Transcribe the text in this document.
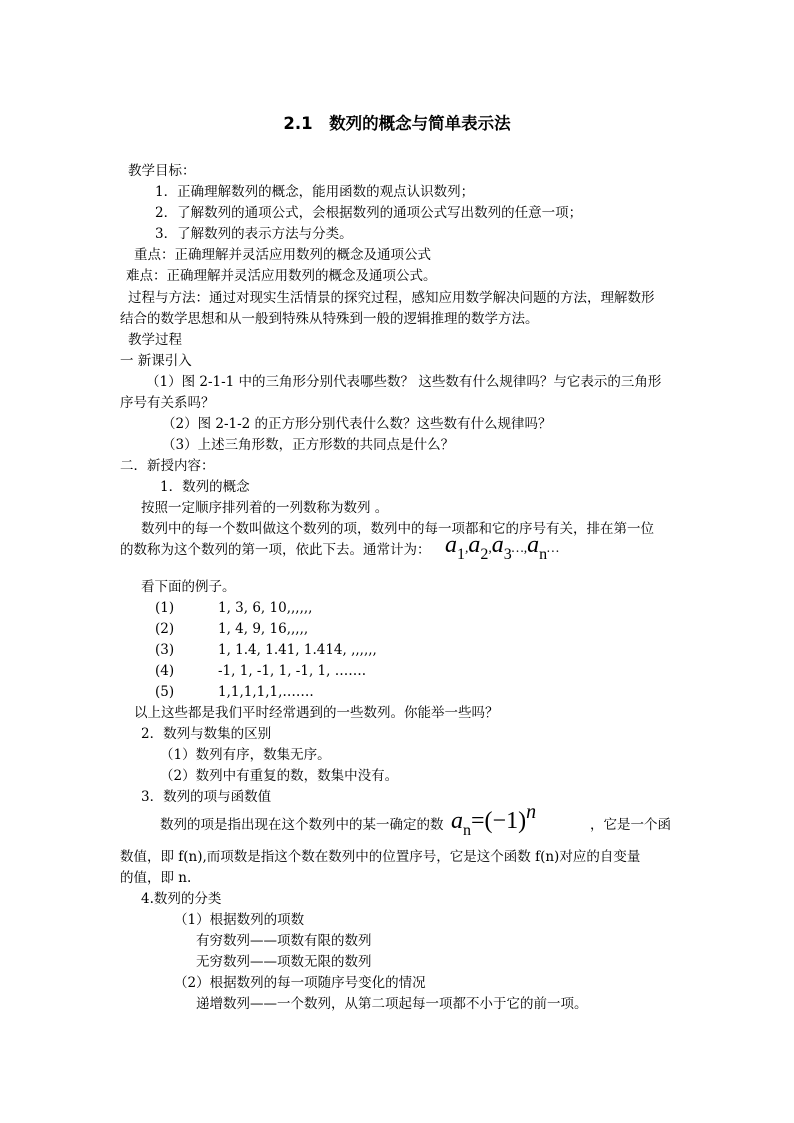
2.1　数列的概念与简单表示法
教学目标：
1．正确理解数列的概念，能用函数的观点认识数列；
2．了解数列的通项公式，会根据数列的通项公式写出数列的任意一项；
3．了解数列的表示方法与分类。
重点：正确理解并灵活应用数列的概念及通项公式
难点：正确理解并灵活应用数列的概念及通项公式。
过程与方法：通过对现实生活情景的探究过程，感知应用数学解决问题的方法，理解数形
结合的数学思想和从一般到特殊从特殊到一般的逻辑推理的数学方法。
教学过程
一 新课引入
（1）图 2-1-1 中的三角形分别代表哪些数？ 这些数有什么规律吗？与它表示的三角形
序号有关系吗？
（2）图 2-1-2 的正方形分别代表什么数？这些数有什么规律吗？
（3）上述三角形数，正方形数的共同点是什么？
二．新授内容：
1．数列的概念
按照一定顺序排列着的一列数称为数列 。
数列中的每一个数叫做这个数列的项，数列中的每一项都和它的序号有关，排在第一位
的数称为这个数列的第一项，依此下去。通常计为： a1,a2,a3…,an…
看下面的例子。
(1)	1, 3, 6, 10,,,,,,
(2)	1, 4, 9, 16,,,,,
(3)	1, 1.4, 1.41, 1.414, ,,,,,,
(4)	-1, 1, -1, 1, -1, 1, …….
(5)	1,1,1,1,1,…….
以上这些都是我们平时经常遇到的一些数列。你能举一些吗？
2．数列与数集的区别
（1）数列有序，数集无序。
（2）数列中有重复的数，数集中没有。
3．数列的项与函数值
数列的项是指出现在这个数列中的某一确定的数 an=(−1)n
，它是一个函
数值，即 f(n),而项数是指这个数在数列中的位置序号，它是这个函数 f(n)对应的自变量
的值，即 n.
4.数列的分类
（1）根据数列的项数
有穷数列——项数有限的数列
无穷数列——项数无限的数列
（2）根据数列的每一项随序号变化的情况
递增数列——一个数列，从第二项起每一项都不小于它的前一项。
